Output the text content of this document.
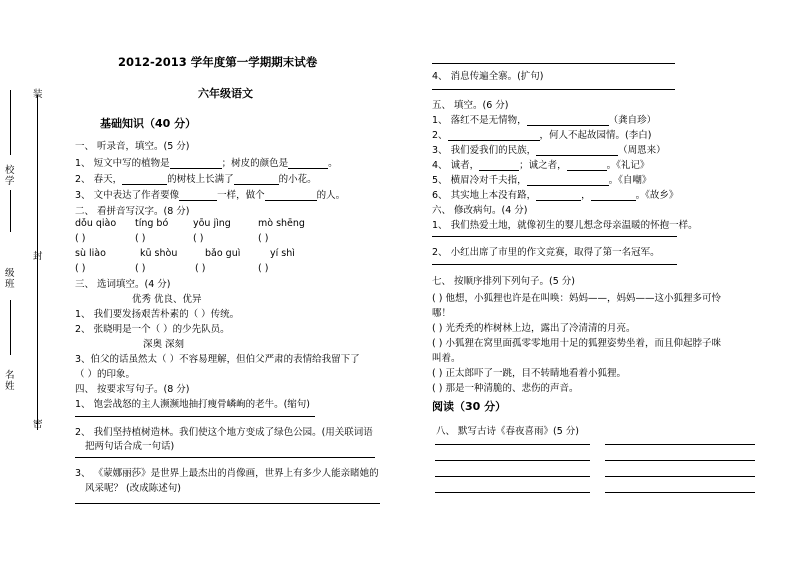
装
封
密
校学
级班
名姓
2012-2013 学年度第一学期期末试卷
六年级语文
基础知识（40 分）
一、 听录音，填空。(5 分)
1、 短文中写的植物是	；树皮的颜色是	。
2、 春天，	的树枝上长满了	的小花。
3、 文中表达了作者要像	一样，做个	的人。
二、 看拼音写汉字。(8 分)
dǒu qiào tíng bó	yōu jìng	mò shēng
( )	( )	( )	( )
sù liào	kū shòu	bǎo guì	yí shì
( )	( )	( )	( )
三、 选词填空。(4 分)
优秀 优良、优异
1、 我们要发扬艰苦朴素的（ ）传统。
2、 张晓明是一个（ ）的少先队员。
深奥 深刻
3、伯父的话虽然太（ ）不容易理解，但伯父严肃的表情给我留下了
（ ）的印象。
四、 按要求写句子。(8 分)
1、 饱尝战怒的主人濒濒地抽打瘦骨嶙峋的老牛。(缩句)
2、 我们坚持植树造林。我们使这个地方变成了绿色公园。(用关联词语
把两句话合成一句话)
3、 《蒙娜丽莎》是世界上最杰出的肖像画，世界上有多少人能亲睹她的
风采呢？ (改成陈述句)
4、 消息传遍全寨。(扩句)
五、 填空。(6 分)
1、 落红不是无情物，	（龚自珍）
2、	，何人不起故园情。(李白)
3、 我们爱我们的民族，	（周恩来）
4、 诚者，	；诚之者，	。《礼记》
5、 横眉冷对千夫指，	。《自嘲》
6、 其实地上本没有路，	，	。《故乡》
六、 修改病句。(4 分)
1、 我们热爱土地，就像初生的婴儿想念母亲温暖的怀抱一样。
2、 小红出席了市里的作文竞赛，取得了第一名冠军。
七、 按顺序排列下列句子。(5 分)
( ) 他想，小狐狸也许是在叫唤：妈妈——，妈妈——这小狐狸多可怜
哪！
( ) 光秃秃的柞树林上边，露出了冷清清的月亮。
( ) 小狐狸在窝里面孤零零地用十足的狐狸姿势坐着，而且仰起脖子咪
叫着。
( ) 正太郎吓了一跳，目不转睛地看着小狐狸。
( ) 那是一种清脆的、悲伤的声音。
阅读（30 分）
八、 默写古诗《春夜喜雨》(5 分)
